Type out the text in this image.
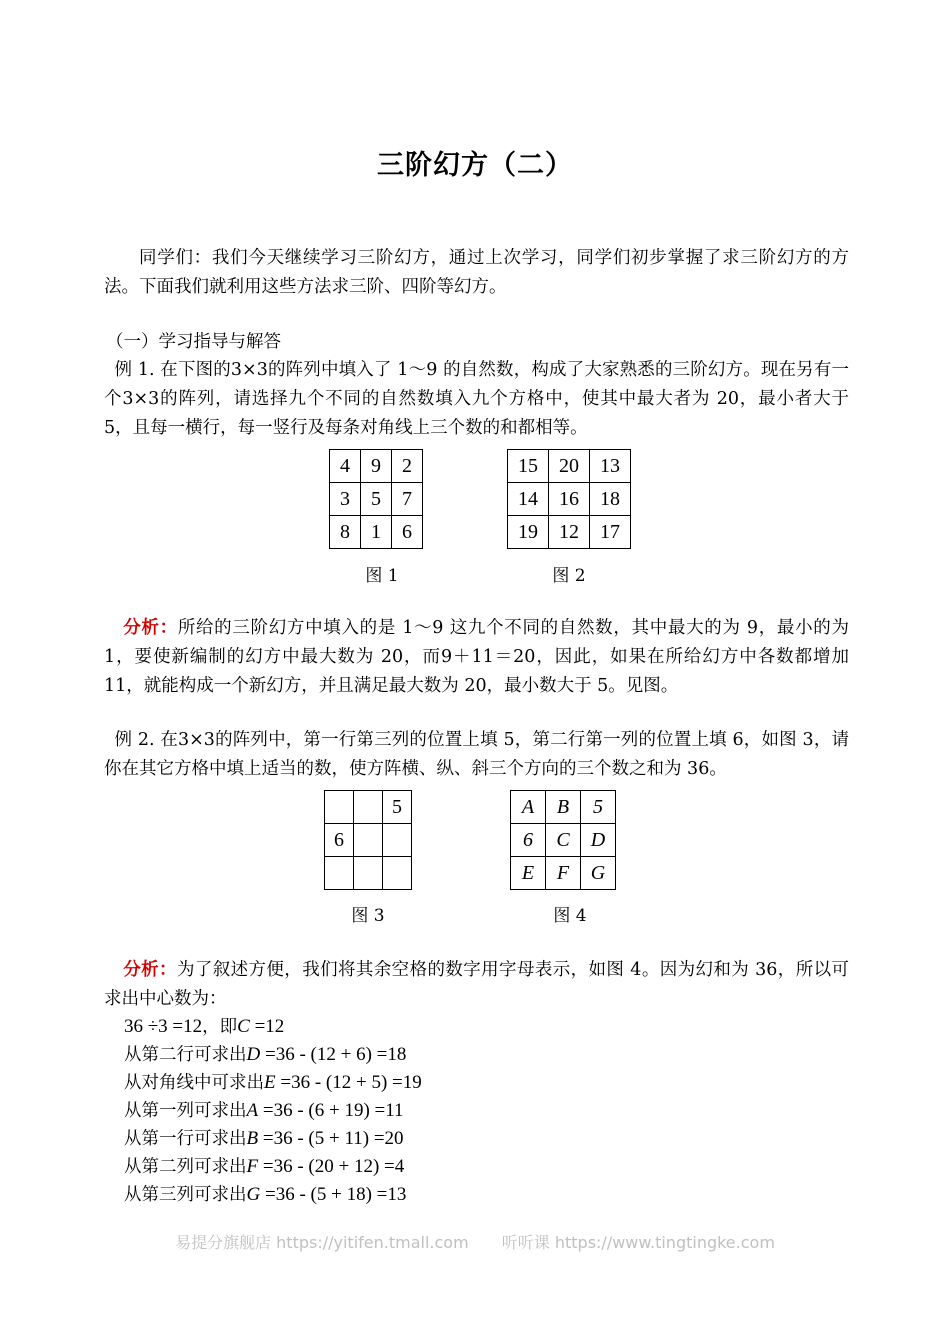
三阶幻方（二）
同学们：我们今天继续学习三阶幻方，通过上次学习，同学们初步掌握了求三阶幻方的方法。下面我们就利用这些方法求三阶、四阶等幻方。
（一）学习指导与解答
例 1. 在下图的3×3的阵列中填入了 1～9 的自然数，构成了大家熟悉的三阶幻方。现在另有一个3×3的阵列，请选择九个不同的自然数填入九个方格中，使其中最大者为 20，最小者大于 5，且每一横行，每一竖行及每条对角线上三个数的和都相等。
4	9	2
3	5	7
8	1	6
图 1
15	20	13
14	16	18
19	12	17
图 2
分析：所给的三阶幻方中填入的是 1～9 这九个不同的自然数，其中最大的为 9，最小的为 1，要使新编制的幻方中最大数为 20，而9＋11＝20，因此，如果在所给幻方中各数都增加 11，就能构成一个新幻方，并且满足最大数为 20，最小数大于 5。见图。
例 2. 在3×3的阵列中，第一行第三列的位置上填 5，第二行第一列的位置上填 6，如图 3，请你在其它方格中填上适当的数，使方阵横、纵、斜三个方向的三个数之和为 36。
		5
6		

图 3
A	B	5
6	C	D
E	F	G
图 4
分析：为了叙述方便，我们将其余空格的数字用字母表示，如图 4。因为幻和为 36，所以可求出中心数为：
36 ÷3 =12，即C =12
从第二行可求出D =36 - (12 + 6) =18
从对角线中可求出E =36 - (12 + 5) =19
从第一列可求出A =36 - (6 + 19) =11
从第一行可求出B =36 - (5 + 11) =20
从第二列可求出F =36 - (20 + 12) =4
从第三列可求出G =36 - (5 + 18) =13
易提分旗舰店 https://yitifen.tmall.com 听听课 https://www.tingtingke.com
